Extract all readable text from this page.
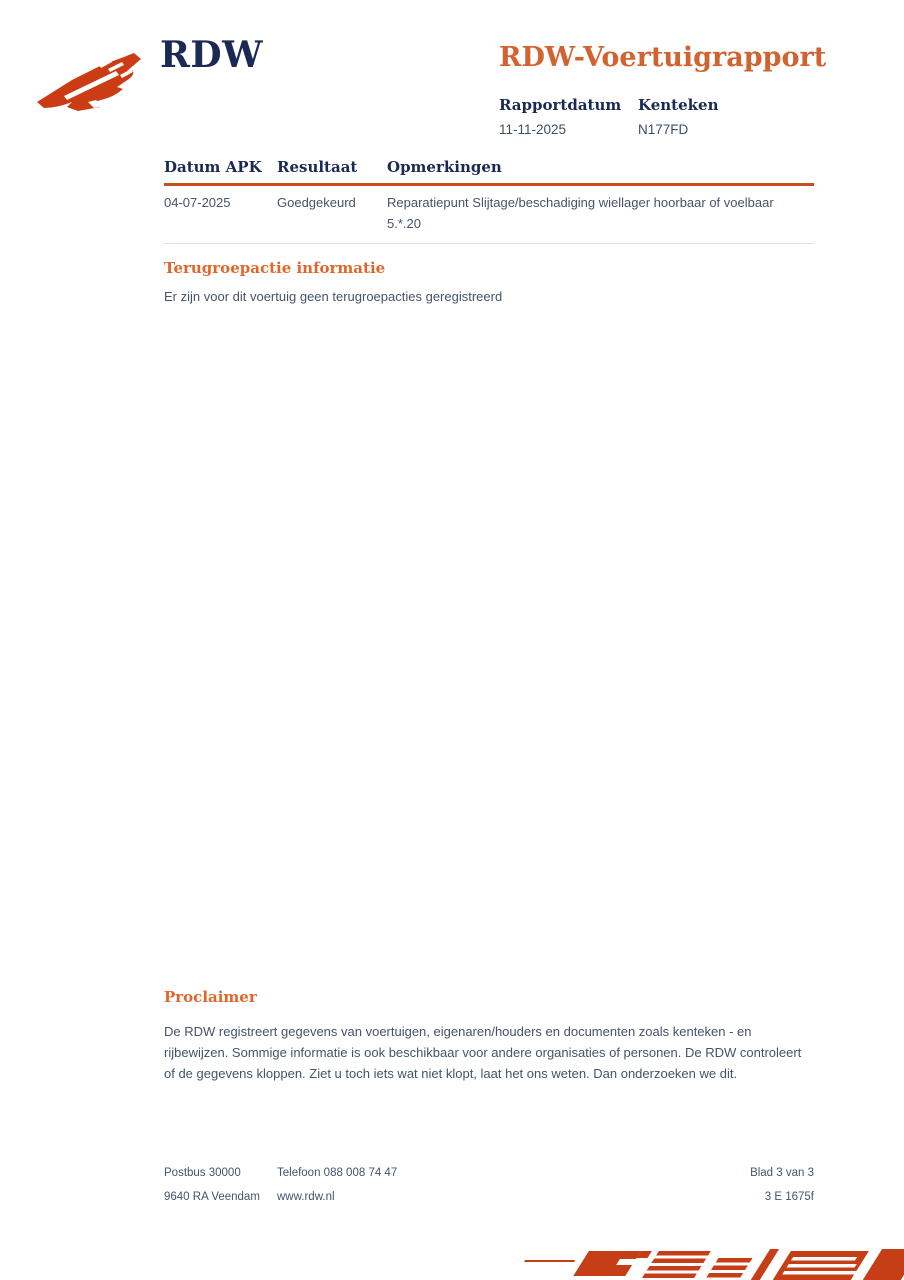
RDW	RDW-Voertuigrapport
Rapportdatum
11-11-2025
Kenteken
N177FD
Datum APK	Resultaat	Opmerkingen
04-07-2025	Goedgekeurd	Reparatiepunt Slijtage/beschadiging wiellager hoorbaar of voelbaar
5.*.20
Terugroepactie informatie
Er zijn voor dit voertuig geen terugroepacties geregistreerd
Proclaimer
De RDW registreert gegevens van voertuigen, eigenaren/houders en documenten zoals kenteken - en rijbewijzen. Sommige informatie is ook beschikbaar voor andere organisaties of personen. De RDW controleert of de gegevens kloppen. Ziet u toch iets wat niet klopt, laat het ons weten. Dan onderzoeken we dit.
Postbus 30000
9640 RA Veendam
Telefoon 088 008 74 47
www.rdw.nl
Blad 3 van 3
3 E 1675f
